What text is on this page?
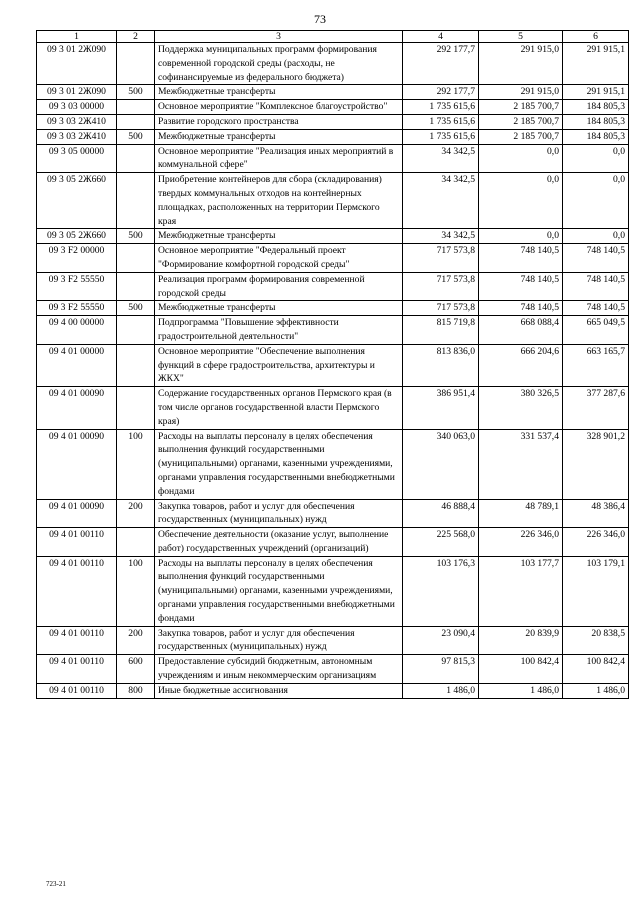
73
1	2	3	4	5	6
09 3 01 2Ж090		Поддержка муниципальных программ формирования современной городской среды (расходы, не софинансируемые из федерального бюджета)	292 177,7	291 915,0	291 915,1
09 3 01 2Ж090	500	Межбюджетные трансферты	292 177,7	291 915,0	291 915,1
09 3 03 00000		Основное мероприятие "Комплексное благоустройство"	1 735 615,6	2 185 700,7	184 805,3
09 3 03 2Ж410		Развитие городского пространства	1 735 615,6	2 185 700,7	184 805,3
09 3 03 2Ж410	500	Межбюджетные трансферты	1 735 615,6	2 185 700,7	184 805,3
09 3 05 00000		Основное мероприятие "Реализация иных мероприятий в коммунальной сфере"	34 342,5	0,0	0,0
09 3 05 2Ж660		Приобретение контейнеров для сбора (складирования) твердых коммунальных отходов на контейнерных площадках, расположенных на территории Пермского края	34 342,5	0,0	0,0
09 3 05 2Ж660	500	Межбюджетные трансферты	34 342,5	0,0	0,0
09 3 F2 00000		Основное мероприятие "Федеральный проект "Формирование комфортной городской среды"	717 573,8	748 140,5	748 140,5
09 3 F2 55550		Реализация программ формирования современной городской среды	717 573,8	748 140,5	748 140,5
09 3 F2 55550	500	Межбюджетные трансферты	717 573,8	748 140,5	748 140,5
09 4 00 00000		Подпрограмма "Повышение эффективности градостроительной деятельности"	815 719,8	668 088,4	665 049,5
09 4 01 00000		Основное мероприятие "Обеспечение выполнения функций в сфере градостроительства, архитектуры и ЖКХ"	813 836,0	666 204,6	663 165,7
09 4 01 00090		Содержание государственных органов Пермского края (в том числе органов государственной власти Пермского края)	386 951,4	380 326,5	377 287,6
09 4 01 00090	100	Расходы на выплаты персоналу в целях обеспечения выполнения функций государственными (муниципальными) органами, казенными учреждениями, органами управления государственными внебюджетными фондами	340 063,0	331 537,4	328 901,2
09 4 01 00090	200	Закупка товаров, работ и услуг для обеспечения государственных (муниципальных) нужд	46 888,4	48 789,1	48 386,4
09 4 01 00110		Обеспечение деятельности (оказание услуг, выполнение работ) государственных учреждений (организаций)	225 568,0	226 346,0	226 346,0
09 4 01 00110	100	Расходы на выплаты персоналу в целях обеспечения выполнения функций государственными (муниципальными) органами, казенными учреждениями, органами управления государственными внебюджетными фондами	103 176,3	103 177,7	103 179,1
09 4 01 00110	200	Закупка товаров, работ и услуг для обеспечения государственных (муниципальных) нужд	23 090,4	20 839,9	20 838,5
09 4 01 00110	600	Предоставление субсидий бюджетным, автономным учреждениям и иным некоммерческим организациям	97 815,3	100 842,4	100 842,4
09 4 01 00110	800	Иные бюджетные ассигнования	1 486,0	1 486,0	1 486,0
723-21
